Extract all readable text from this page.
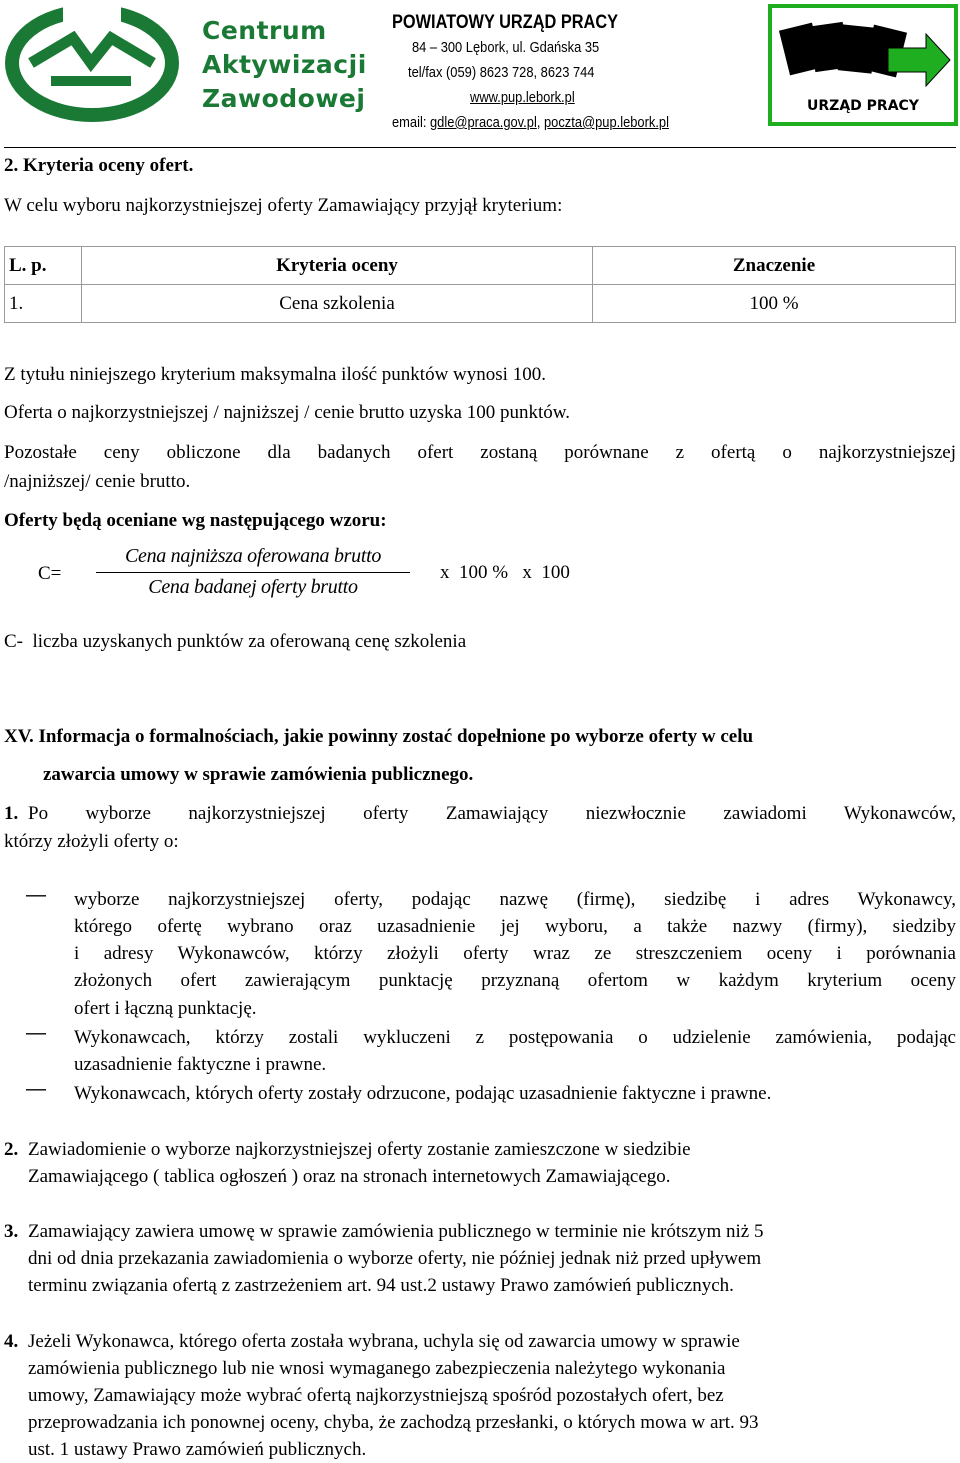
Centrum
Aktywizacji
Zawodowej
POWIATOWY URZĄD PRACY
84 – 300 Lębork, ul. Gdańska 35
tel/fax (059) 8623 728, 8623 744
www.pup.lebork.pl
email: gdle@praca.gov.pl, poczta@pup.lebork.pl
URZĄD PRACY
2. Kryteria oceny ofert.
W celu wyboru najkorzystniejszej oferty Zamawiający przyjął kryterium:
L. p.	Kryteria oceny	Znaczenie
1.	Cena szkolenia	100 %
Z tytułu niniejszego kryterium maksymalna ilość punktów wynosi 100.
Oferta o najkorzystniejszej / najniższej / cenie brutto uzyska 100 punktów.
Pozostałe ceny obliczone dla badanych ofert zostaną porównane z ofertą o najkorzystniejszej
/najniższej/ cenie brutto.
Oferty będą oceniane wg następującego wzoru:
C=
Cena najniższa oferowana brutto
Cena badanej oferty brutto
x  100 %   x  100
C-  liczba uzyskanych punktów za oferowaną cenę szkolenia
XV. Informacja o formalnościach, jakie powinny zostać dopełnione po wyborze oferty w celu
zawarcia umowy w sprawie zamówienia publicznego.
1. Po wyborze najkorzystniejszej oferty Zamawiający niezwłocznie zawiadomi Wykonawców,
którzy złożyli oferty o:
— wyborze najkorzystniejszej oferty, podając nazwę (firmę), siedzibę i adres Wykonawcy,
którego ofertę wybrano oraz uzasadnienie jej wyboru, a także nazwy (firmy), siedziby
i adresy Wykonawców, którzy złożyli oferty wraz ze streszczeniem oceny i porównania
złożonych ofert zawierającym punktację przyznaną ofertom w każdym kryterium oceny
ofert i łączną punktację.
— Wykonawcach, którzy zostali wykluczeni z postępowania o udzielenie zamówienia, podając
uzasadnienie faktyczne i prawne.
— Wykonawcach, których oferty zostały odrzucone, podając uzasadnienie faktyczne i prawne.
2. Zawiadomienie o wyborze najkorzystniejszej oferty zostanie zamieszczone w siedzibie
Zamawiającego ( tablica ogłoszeń ) oraz na stronach internetowych Zamawiającego.
3. Zamawiający zawiera umowę w sprawie zamówienia publicznego w terminie nie krótszym niż 5
dni od dnia przekazania zawiadomienia o wyborze oferty, nie później jednak niż przed upływem
terminu związania ofertą z zastrzeżeniem art. 94 ust.2 ustawy Prawo zamówień publicznych.
4. Jeżeli Wykonawca, którego oferta została wybrana, uchyla się od zawarcia umowy w sprawie
zamówienia publicznego lub nie wnosi wymaganego zabezpieczenia należytego wykonania
umowy, Zamawiający może wybrać ofertą najkorzystniejszą spośród pozostałych ofert, bez
przeprowadzania ich ponownej oceny, chyba, że zachodzą przesłanki, o których mowa w art. 93
ust. 1 ustawy Prawo zamówień publicznych.
